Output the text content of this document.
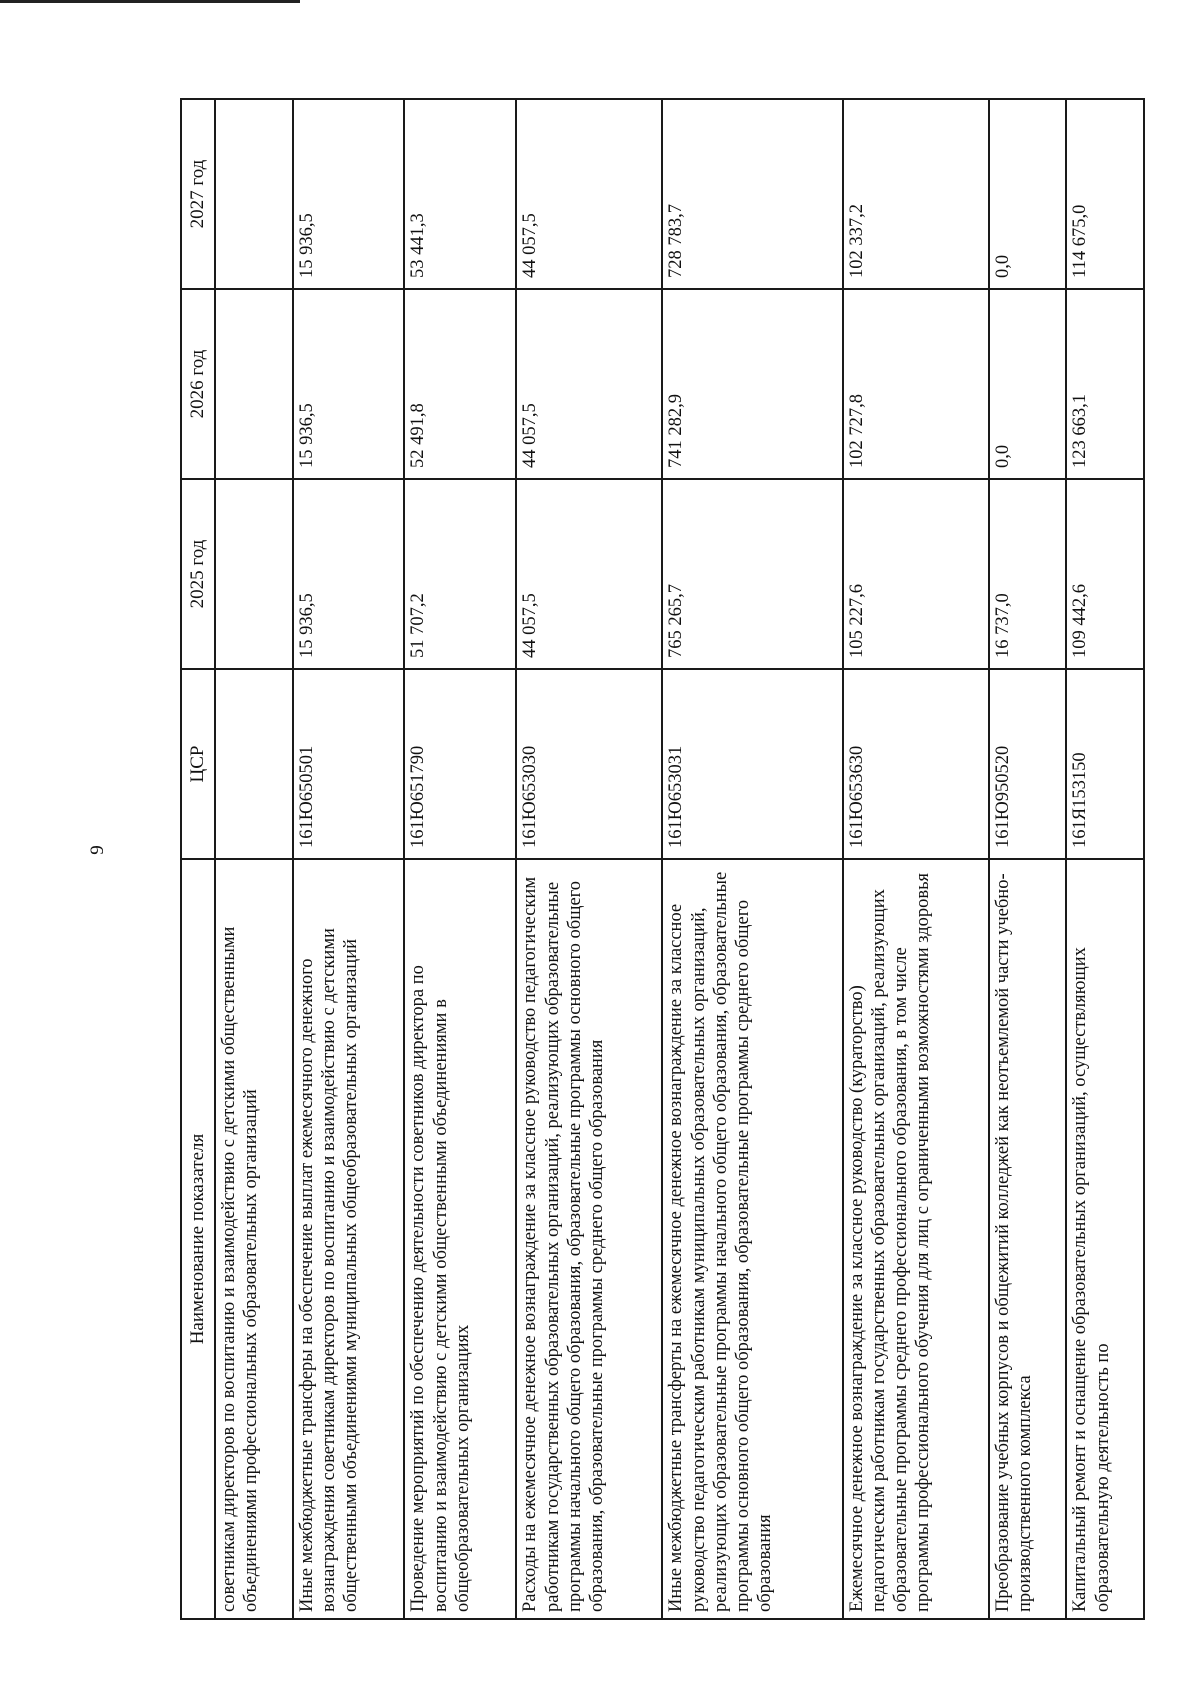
9
Наименование показателя	ЦСР	2025 год	2026 год	2027 год
советникам директоров по воспитанию и взаимодействию с детскими общественными объединениями профессиональных образовательных организаций				
Иные межбюджетные трансферы на обеспечение выплат ежемесячного денежного вознаграждения советникам директоров по воспитанию и взаимодействию с детскими общественными объединениями муниципальных общеобразовательных организаций	161Ю650501	15 936,5	15 936,5	15 936,5
Проведение мероприятий по обеспечению деятельности советников директора по воспитанию и взаимодействию с детскими общественными объединениями в общеобразовательных организациях	161Ю651790	51 707,2	52 491,8	53 441,3
Расходы на ежемесячное денежное вознаграждение за классное руководство педагогическим работникам государственных образовательных организаций, реализующих образовательные программы начального общего образования, образовательные программы основного общего образования, образовательные программы среднего общего образования	161Ю653030	44 057,5	44 057,5	44 057,5
Иные межбюджетные трансферты на ежемесячное денежное вознаграждение за классное руководство педагогическим работникам муниципальных образовательных организаций, реализующих образовательные программы начального общего образования, образовательные программы основного общего образования, образовательные программы среднего общего образования	161Ю653031	765 265,7	741 282,9	728 783,7
Ежемесячное денежное вознаграждение за классное руководство (кураторство) педагогическим работникам государственных образовательных организаций, реализующих образовательные программы среднего профессионального образования, в том числе программы профессионального обучения для лиц с ограниченными возможностями здоровья	161Ю653630	105 227,6	102 727,8	102 337,2
Преобразование учебных корпусов и общежитий колледжей как неотъемлемой части учебно-производственного комплекса	161Ю950520	16 737,0	0,0	0,0
Капитальный ремонт и оснащение образовательных организаций, осуществляющих образовательную деятельность по	161Я153150	109 442,6	123 663,1	114 675,0
